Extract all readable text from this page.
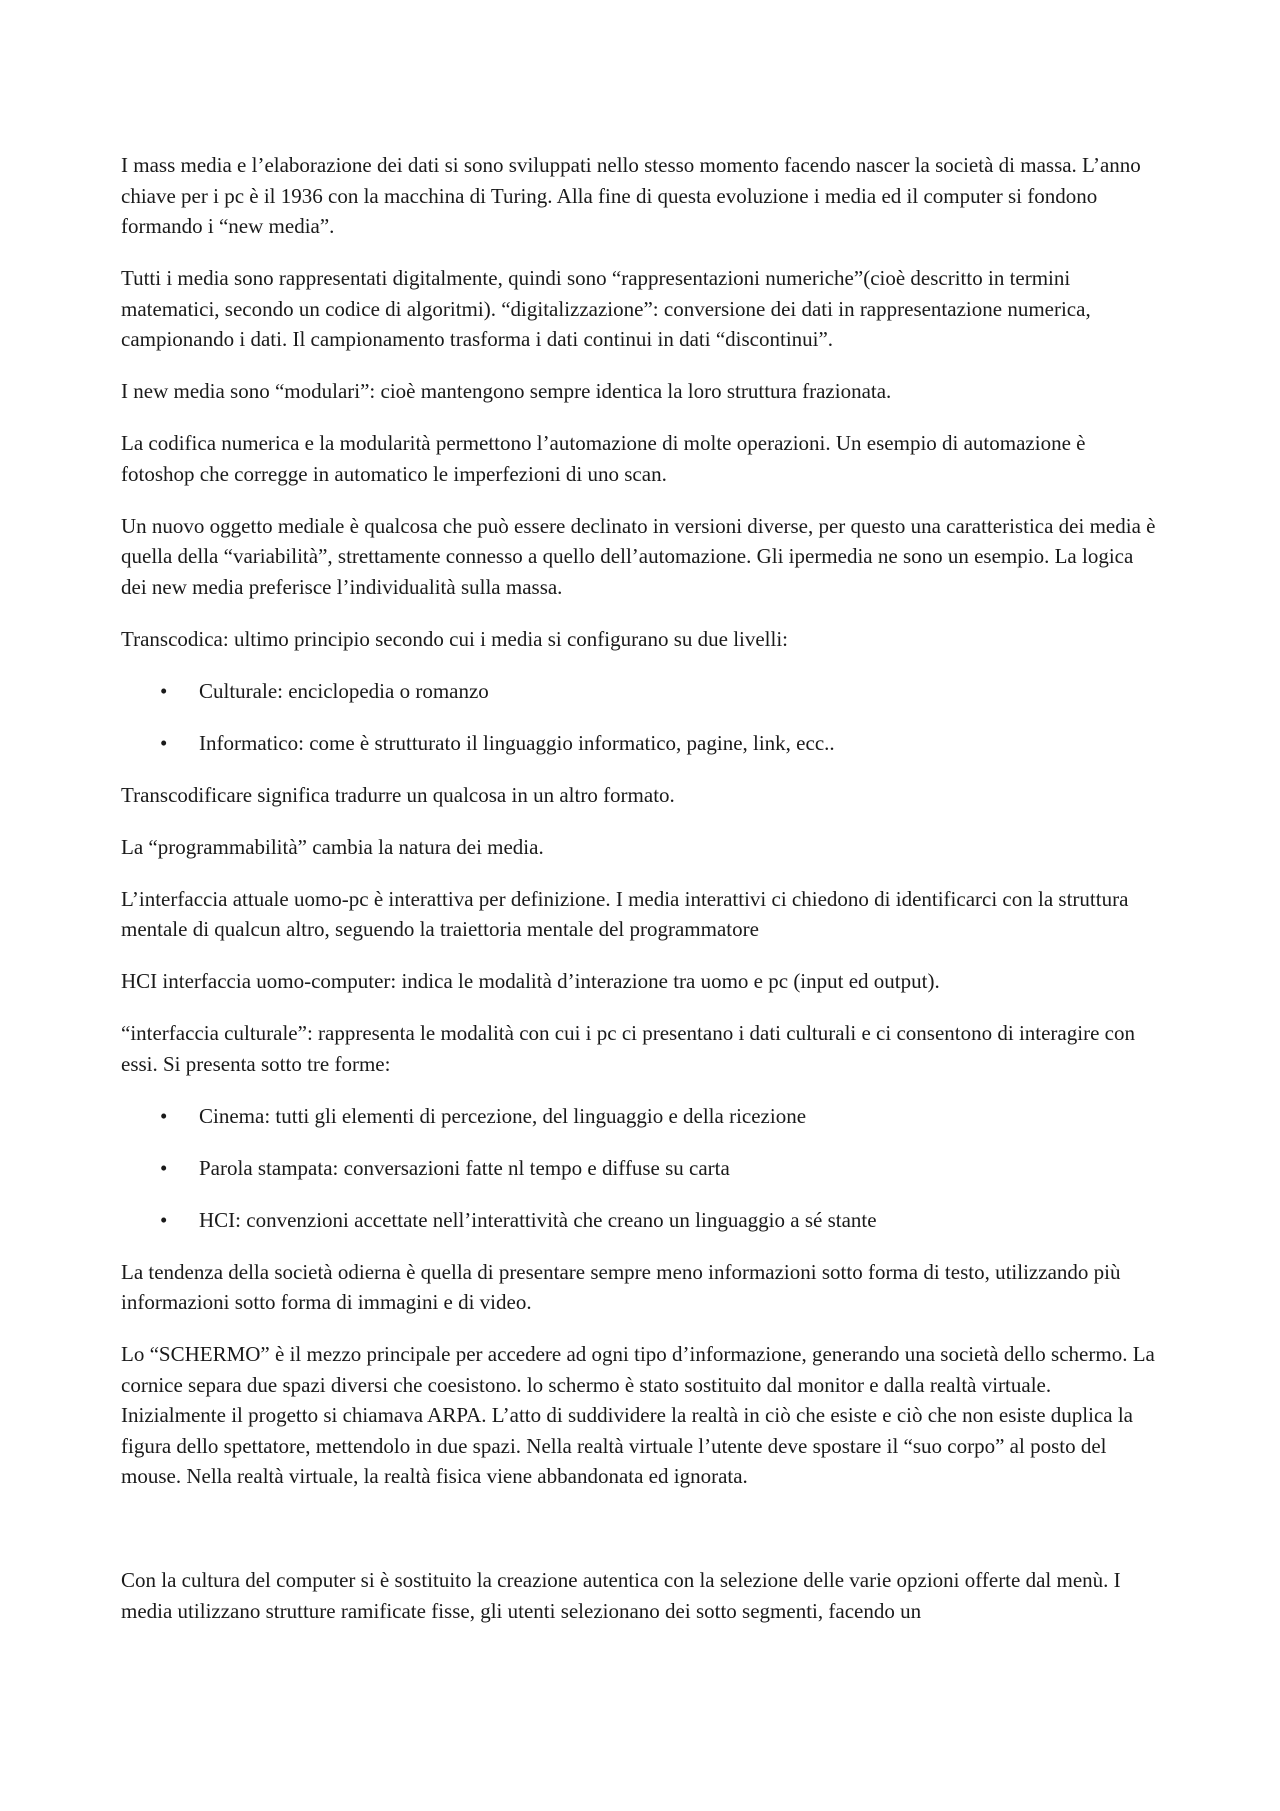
I mass media e l’elaborazione dei dati si sono sviluppati nello stesso momento facendo nascer la società di massa. L’anno chiave per i pc è il 1936 con la macchina di Turing. Alla fine di questa evoluzione i media ed il computer si fondono formando i “new media”.

Tutti i media sono rappresentati digitalmente, quindi sono “rappresentazioni numeriche”(cioè descritto in termini matematici, secondo un codice di algoritmi). “digitalizzazione”: conversione dei dati in rappresentazione numerica, campionando i dati. Il campionamento trasforma i dati continui in dati “discontinui”.

I new media sono “modulari”: cioè mantengono sempre identica la loro struttura frazionata.

La codifica numerica e la modularità permettono l’automazione di molte operazioni. Un esempio di automazione è fotoshop che corregge in automatico le imperfezioni di uno scan.

Un nuovo oggetto mediale è qualcosa che può essere declinato in versioni diverse, per questo una caratteristica dei media è quella della “variabilità”, strettamente connesso a quello dell’automazione. Gli ipermedia ne sono un esempio. La logica dei new media preferisce l’individualità sulla massa.

Transcodica: ultimo principio secondo cui i media si configurano su due livelli:

• Culturale: enciclopedia o romanzo
• Informatico: come è strutturato il linguaggio informatico, pagine, link, ecc..

Transcodificare significa tradurre un qualcosa in un altro formato.

La “programmabilità” cambia la natura dei media.

L’interfaccia attuale uomo-pc è interattiva per definizione. I media interattivi ci chiedono di identificarci con la struttura mentale di qualcun altro, seguendo la traiettoria mentale del programmatore

HCI interfaccia uomo-computer: indica le modalità d’interazione tra uomo e pc (input ed output).

“interfaccia culturale”: rappresenta le modalità con cui i pc ci presentano i dati culturali e ci consentono di interagire con essi. Si presenta sotto tre forme:

• Cinema: tutti gli elementi di percezione, del linguaggio e della ricezione
• Parola stampata: conversazioni fatte nl tempo e diffuse su carta
• HCI: convenzioni accettate nell’interattività che creano un linguaggio a sé stante

La tendenza della società odierna è quella di presentare sempre meno informazioni sotto forma di testo, utilizzando più informazioni sotto forma di immagini e di video.

Lo “SCHERMO” è il mezzo principale per accedere ad ogni tipo d’informazione, generando una società dello schermo. La cornice separa due spazi diversi che coesistono. lo schermo è stato sostituito dal monitor e dalla realtà virtuale. Inizialmente il progetto si chiamava ARPA. L’atto di suddividere la realtà in ciò che esiste e ciò che non esiste duplica la figura dello spettatore, mettendolo in due spazi. Nella realtà virtuale l’utente deve spostare il “suo corpo” al posto del mouse. Nella realtà virtuale, la realtà fisica viene abbandonata ed ignorata.

Con la cultura del computer si è sostituito la creazione autentica con la selezione delle varie opzioni offerte dal menù. I media utilizzano strutture ramificate fisse, gli utenti selezionano dei sotto segmenti, facendo un
